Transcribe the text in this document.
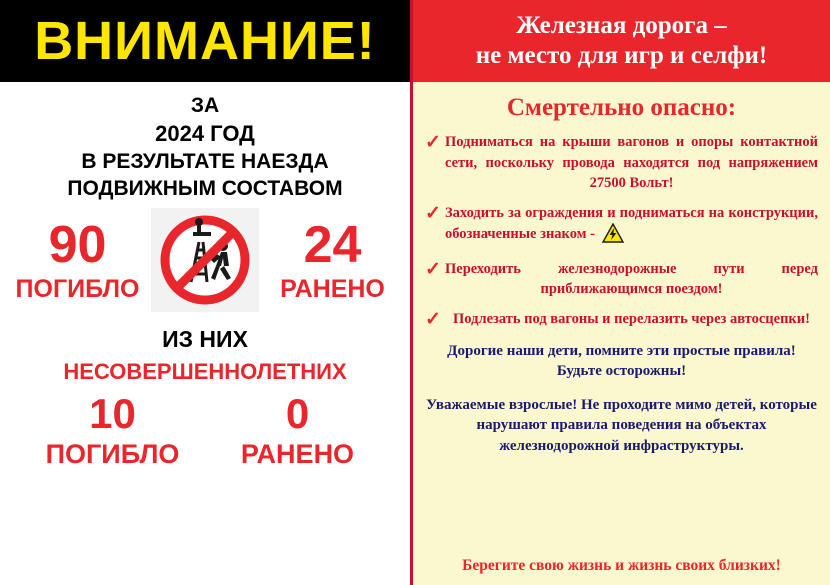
ВНИМАНИЕ!
ЗА
2024 ГОД
В РЕЗУЛЬТАТЕ НАЕЗДА
ПОДВИЖНЫМ СОСТАВОМ
90
ПОГИБЛО
24
РАНЕНО
ИЗ НИХ
НЕСОВЕРШЕННОЛЕТНИХ
10
ПОГИБЛО
0
РАНЕНО
Железная дорога –
не место для игр и селфи!
Смертельно опасно:
✓ Подниматься на крыши вагонов и опоры контактной сети, поскольку провода находятся под напряжением 27500 Вольт!
✓ Заходить за ограждения и подниматься на конструкции, обозначенные знаком -
✓ Переходить железнодорожные пути перед приближающимся поездом!
✓ Подлезать под вагоны и перелазить через автосцепки!
Дорогие наши дети, помните эти простые правила! Будьте осторожны!
Уважаемые взрослые! Не проходите мимо детей, которые нарушают правила поведения на объектах железнодорожной инфраструктуры.
Берегите свою жизнь и жизнь своих близких!
